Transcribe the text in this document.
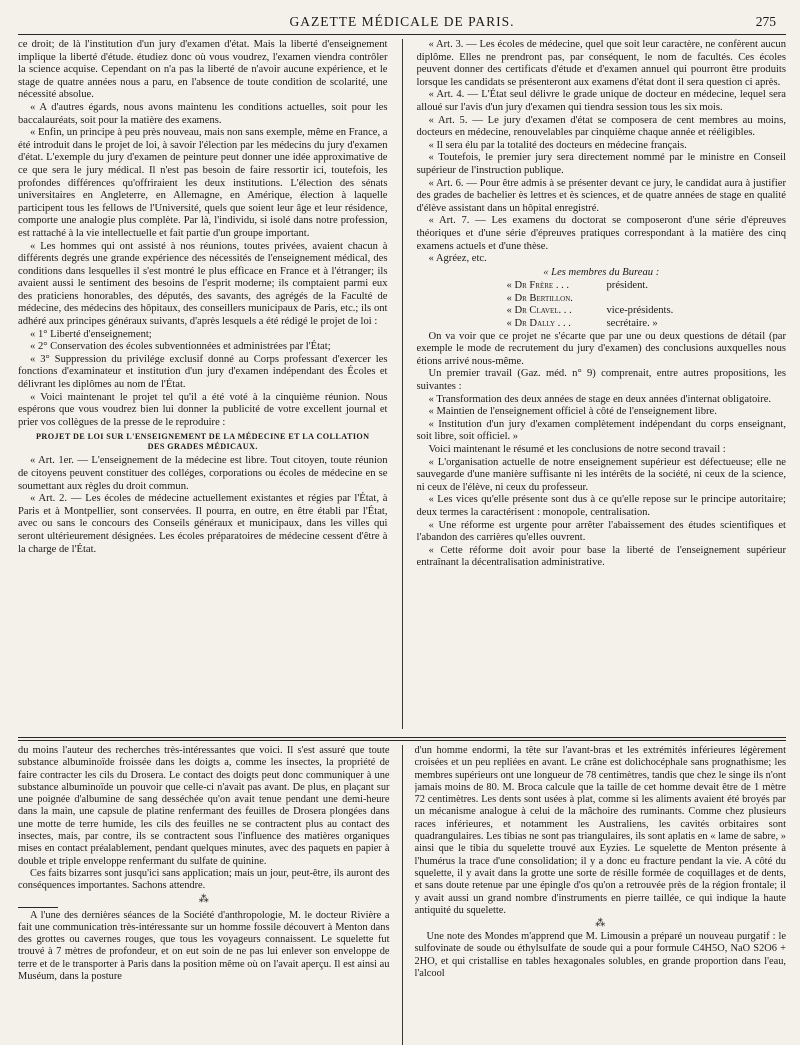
GAZETTE MÉDICALE DE PARIS.	275

ce droit; de là l'institution d'un jury d'examen d'état. Mais la liberté d'enseignement implique la liberté d'étude. étudiez donc où vous voudrez, l'examen viendra contrôler la science acquise. Cependant on n'a pas la liberté de n'avoir aucune expérience, et le stage de quatre années nous a paru, en l'absence de toute condition de scolarité, une nécessité absolue.

« A d'autres égards, nous avons maintenu les conditions actuelles, soit pour les baccalauréats, soit pour la matière des examens.

« Enfin, un principe à peu près nouveau, mais non sans exemple, même en France, a été introduit dans le projet de loi, à savoir l'élection par les médecins du jury d'examen d'état. L'exemple du jury d'examen de peinture peut donner une idée approximative de ce que sera le jury médical. Il n'est pas besoin de faire ressortir ici, toutefois, les profondes différences qu'offriraient les deux institutions. L'élection des sénats universitaires en Angleterre, en Allemagne, en Amérique, élection à laquelle participent tous les fellows de l'Université, quels que soient leur âge et leur résidence, comporte une analogie plus complète. Par là, l'individu, si isolé dans notre profession, est rattaché à la vie intellectuelle et fait partie d'un groupe important.

« Les hommes qui ont assisté à nos réunions, toutes privées, avaient chacun à différents degrés une grande expérience des nécessités de l'enseignement médical, des conditions dans lesquelles il s'est montré le plus efficace en France et à l'étranger; ils avaient aussi le sentiment des besoins de l'esprit moderne; ils comptaient parmi eux des praticiens honorables, des députés, des savants, des agrégés de la Faculté de médecine, des médecins des hôpitaux, des conseillers municipaux de Paris, etc.; ils ont adhéré aux principes généraux suivants, d'après lesquels a été rédigé le projet de loi :

« 1° Liberté d'enseignement;

« 2° Conservation des écoles subventionnées et administrées par l'État;

« 3° Suppression du privilége exclusif donné au Corps professant d'exercer les fonctions d'examinateur et institution d'un jury d'examen indépendant des Écoles et délivrant les diplômes au nom de l'État.

« Voici maintenant le projet tel qu'il a été voté à la cinquième réunion. Nous espérons que vous voudrez bien lui donner la publicité de votre excellent journal et prier vos collègues de la presse de le reproduire :

PROJET DE LOI SUR L'ENSEIGNEMENT DE LA MÉDECINE ET LA COLLATION
DES GRADES MÉDICAUX.

« Art. 1er. — L'enseignement de la médecine est libre. Tout citoyen, toute réunion de citoyens peuvent constituer des colléges, corporations ou écoles de médecine en se soumettant aux règles du droit commun.

« Art. 2. — Les écoles de médecine actuellement existantes et régies par l'État, à Paris et à Montpellier, sont conservées. Il pourra, en outre, en être établi par l'État, avec ou sans le concours des Conseils généraux et municipaux, dans les villes qui seront ultérieurement désignées. Les écoles préparatoires de médecine cessent d'être à la charge de l'État.

« Art. 3. — Les écoles de médecine, quel que soit leur caractère, ne confèrent aucun diplôme. Elles ne prendront pas, par conséquent, le nom de facultés. Ces écoles peuvent donner des certificats d'étude et d'examen annuel qui pourront être produits lorsque les candidats se présenteront aux examens d'état dont il sera question ci après.

« Art. 4. — L'État seul délivre le grade unique de docteur en médecine, lequel sera alloué sur l'avis d'un jury d'examen qui tiendra session tous les six mois.

« Art. 5. — Le jury d'examen d'état se composera de cent membres au moins, docteurs en médecine, renouvelables par cinquième chaque année et rééligibles.

« Il sera élu par la totalité des docteurs en médecine français.

« Toutefois, le premier jury sera directement nommé par le ministre en Conseil supérieur de l'instruction publique.

« Art. 6. — Pour être admis à se présenter devant ce jury, le candidat aura à justifier des grades de bachelier ès lettres et ès sciences, et de quatre années de stage en qualité d'élève assistant dans un hôpital enregistré.

« Art. 7. — Les examens du doctorat se composeront d'une série d'épreuves théoriques et d'une série d'épreuves pratiques correspondant à la matière des cinq examens actuels et d'une thèse.

« Agréez, etc.

« Les membres du Bureau :
« Dr Frère . . .	président.
« Dr Bertillon.
« Dr Clavel. . .	vice-présidents.
« Dr Dally . . .	secrétaire. »

On va voir que ce projet ne s'écarte que par une ou deux questions de détail (par exemple le mode de recrutement du jury d'examen) des conclusions auxquelles nous étions arrivé nous-même.

Un premier travail (Gaz. méd. n° 9) comprenait, entre autres propositions, les suivantes :

« Transformation des deux années de stage en deux années d'internat obligatoire.

« Maintien de l'enseignement officiel à côté de l'enseignement libre.

« Institution d'un jury d'examen complètement indépendant du corps enseignant, soit libre, soit officiel. »

Voici maintenant le résumé et les conclusions de notre second travail :

« L'organisation actuelle de notre enseignement supérieur est défectueuse; elle ne sauvegarde d'une manière suffisante ni les intérêts de la société, ni ceux de la science, ni ceux de l'élève, ni ceux du professeur.

« Les vices qu'elle présente sont dus à ce qu'elle repose sur le principe autoritaire; deux termes la caractérisent : monopole, centralisation.

« Une réforme est urgente pour arrêter l'abaissement des études scientifiques et l'abandon des carrières qu'elles ouvrent.

« Cette réforme doit avoir pour base la liberté de l'enseignement supérieur entraînant la décentralisation administrative.

du moins l'auteur des recherches très-intéressantes que voici. Il s'est assuré que toute substance albuminoïde froissée dans les doigts a, comme les insectes, la propriété de faire contracter les cils du Drosera. Le contact des doigts peut donc communiquer à une substance albuminoïde un pouvoir que celle-ci n'avait pas avant. De plus, en plaçant sur une poignée d'albumine de sang desséchée qu'on avait tenue pendant une demi-heure dans la main, une capsule de platine renfermant des feuilles de Drosera plongées dans une motte de terre humide, les cils des feuilles ne se contractent plus au contact des insectes, mais, par contre, ils se contractent sous l'influence des matières organiques mises en contact préalablement, pendant quelques minutes, avec des paquets en papier à double et triple enveloppe renfermant du sulfate de quinine.

Ces faits bizarres sont jusqu'ici sans application; mais un jour, peut-être, ils auront des conséquences importantes. Sachons attendre.

⁂

A l'une des dernières séances de la Société d'anthropologie, M. le docteur Rivière a fait une communication très-intéressante sur un homme fossile découvert à Menton dans des grottes ou cavernes rouges, que tous les voyageurs connaissent. Le squelette fut trouvé à 7 mètres de profondeur, et on eut soin de ne pas lui enlever son enveloppe de terre et de le transporter à Paris dans la position même où on l'avait aperçu. Il est ainsi au Muséum, dans la posture

d'un homme endormi, la tête sur l'avant-bras et les extrémités inférieures légèrement croisées et un peu repliées en avant. Le crâne est dolichocéphale sans prognathisme; les membres supérieurs ont une longueur de 78 centimètres, tandis que chez le singe ils n'ont jamais moins de 80. M. Broca calcule que la taille de cet homme devait être de 1 mètre 72 centimètres. Les dents sont usées à plat, comme si les aliments avaient été broyés par un mécanisme analogue à celui de la mâchoire des ruminants. Comme chez plusieurs races inférieures, et notamment les Australiens, les cavités orbitaires sont quadrangulaires. Les tibias ne sont pas triangulaires, ils sont aplatis en « lame de sabre, » ainsi que le tibia du squelette trouvé aux Eyzies. Le squelette de Menton présente à l'humérus la trace d'une consolidation; il y a donc eu fracture pendant la vie. A côté du squelette, il y avait dans la grotte une sorte de résille formée de coquillages et de dents, et sans doute retenue par une épingle d'os qu'on a retrouvée près de la région frontale; il y avait aussi un grand nombre d'instruments en pierre taillée, ce qui indique la haute antiquité du squelette.

⁂

Une note des Mondes m'apprend que M. Limousin a préparé un nouveau purgatif : le sulfovinate de soude ou éthylsulfate de soude qui a pour formule C4H5O, NaO S2O6 + 2HO, et qui cristallise en tables hexagonales solubles, en grande proportion dans l'eau, l'alcool
